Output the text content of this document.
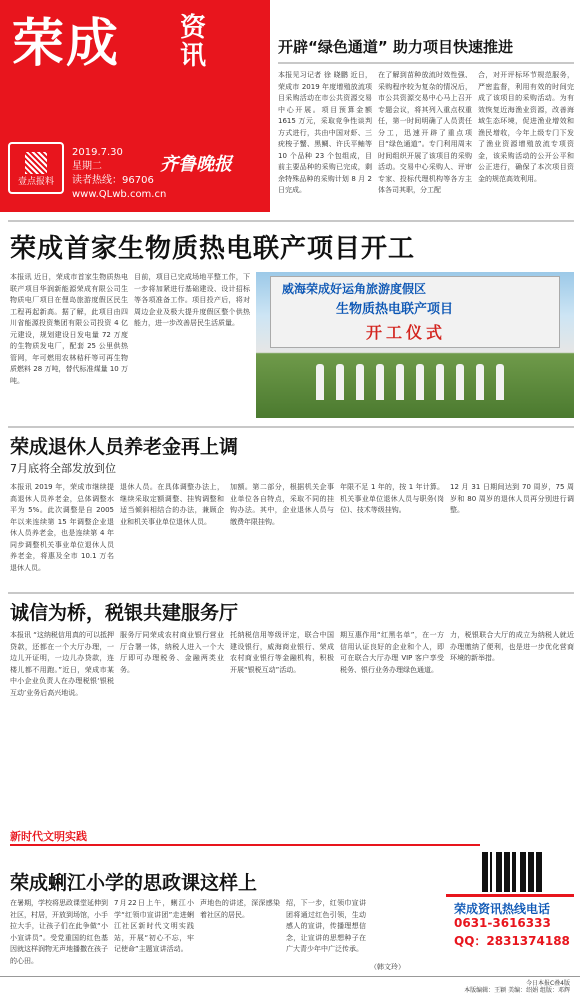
荣成 资讯
壹点报料
2019.7.30
星期二
读者热线：96706
www.QLwb.com.cn
齐鲁晚报
开辟“绿色通道” 助力项目快速推进
本报见习记者 徐 晓鹏 近日，荣成市 2019 年度增殖放流项目采购活动在市公共资源交易中心开展。项目预算金额 1615 万元，采取竞争性谈判方式进行，共由中国对虾、三疣梭子蟹、黑鲷、许氏平鲉等 10 个品种 23 个包组成，目前主要品种的采购已完成，剩余特殊品种的采购计划 8 月 2 日完成。
在了解到苗种放流时效性强、采购程序较为复杂的情况后，市公共资源交易中心马上召开专题会议，将其列入重点权重任，第一时间明确了人员责任分工，迅速开辟了重点项目“绿色通道”。专门利用周末时间组织开展了该项目的采购活动。交易中心采购人、评审专家、投标代理机构等各方主体各司其职，分工配
合，对开评标环节规范服务，严密监督，利用有效的时间完成了该项目的采购活动。为有效恢复近海渔业资源，改善海域生态环境，促进渔业增效和渔民增收，今年上级专门下发了渔业资源增殖放流专项资金，该采购活动的公开公平和公正进行，确保了本次项目资金的规范高效利用。
荣成首家生物质热电联产项目开工
本报讯 近日，荣成市首家生物质热电联产项目华润新能源荣成有限公司生物质电厂项目在俚岛旅游度假区民生工程再起新高。据了解，此项目由四川省能源投资集团有限公司投资 4 亿元建设，规划建设日发电量 72 万度的生物质发电厂，配套 25 公里供热管网，年可燃用农林秸秆等可再生物质燃料 28 万吨，替代标准煤量 10 万吨。
目前，项目已完成场地平整工作，下一步将加紧进行基础建设、设计招标等各项准备工作。项目投产后，将对周边企业及极大提升度假区整个供热能力，进一步改善居民生活质量。
威海荣成好运角旅游度假区
生物质热电联产项目
开工仪式
荣成退休人员养老金再上调
7月底将全部发放到位
本报讯 2019 年，荣成市继续提高退休人员养老金，总体调整水平为 5%。此次调整是自 2005 年以来连续第 15 年调整企业退休人员养老金，也是连续第 4 年同步调整机关事业单位退休人员养老金，将惠及全市 10.1 万名退休人员。
退休人员。在具体调整办法上，继续采取定额调整、挂钩调整和适当倾斜相结合的办法，兼顾企业和机关事业单位退休人员。
加额。第二部分，根据机关企事业单位各自特点，采取不同的挂钩办法。其中，企业退休人员与缴费年限挂钩。
年限不足 1 年的，按 1 年计算。机关事业单位退休人员与职务(岗位)、技术等级挂钩。
12 月 31 日期间达到 70 周岁，75 周岁和 80 周岁的退休人员再分别进行调整。
诚信为桥，税银共建服务厅
本报讯 “这纳税信用真的可以抵押贷款，还都在一个大厅办理，一边儿开证明，一边儿办贷款，连楼儿都不用跑。”近日，荣成市某中小企业负责人在办理税银‘银税互动’业务后高兴地说。
服务厅同荣成农村商业银行营业厅合署一体，纳税人进入一个大厅即可办理税务、金融两类业务。
托纳税信用等级评定，联合中国建设银行，威海商业银行、荣成农村商业银行等金融机构，积极开展“银税互动”活动。
期互惠作用“红黑名单”，在一方信用认证良好的企业和个人，即可在联合大厅办理 VIP 客户享受税务、银行业务办理绿色通道。
力，税银联合大厅的成立为纳税人就近办理缴纳了便利，也是进一步优化营商环境的新举措。
新时代文明实践
荣成蜊江小学的思政课这样上
在暑期，学校将思政课堂延伸到社区，村居，开放到场馆，小手拉大手，让孩子们在此争做“小小宣讲员”。受党重国的红色基因就这样润物无声地播撒在孩子的心田。
7月22日上午，蜊江小学“红领巾宣讲团”走进蜊江社区新时代文明实践站，开展“初心不忘，牢记使命”主题宣讲活动。
声地色的讲述，深深感染着社区的居民。
绍，下一步，红领巾宣讲团将通过红色引领，生动感人的宣讲，传播理想信念，让宣讲的思想种子在广大青少年中广泛传承。
（韩文玲）
荣成资讯热线电话
0631-3616333
QQ：2831374188
今日本报C叠4版
本版编辑：王颖 美编：绍娟 组版：邓辉
